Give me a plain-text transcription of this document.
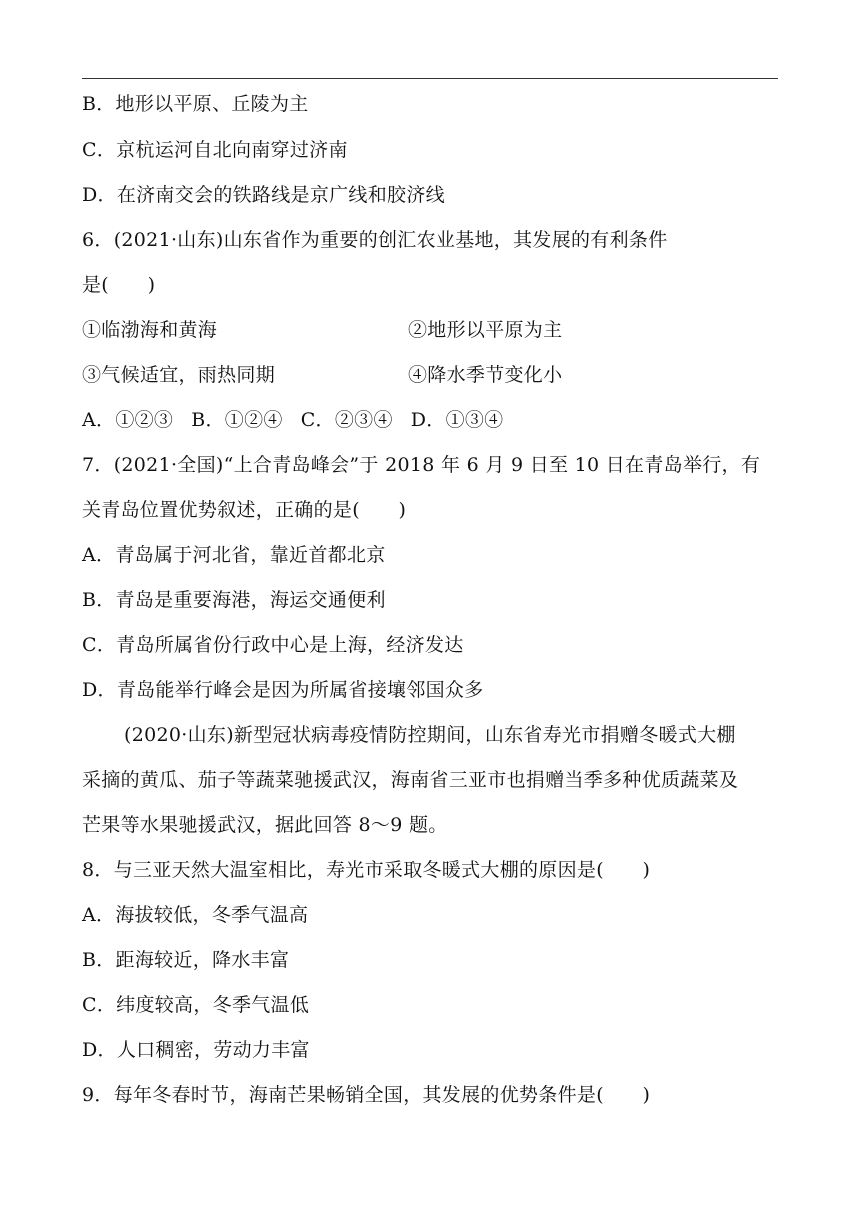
B．地形以平原、丘陵为主
C．京杭运河自北向南穿过济南
D．在济南交会的铁路线是京广线和胶济线
6．(2021·山东)山东省作为重要的创汇农业基地，其发展的有利条件
是(　　)
①临渤海和黄海	②地形以平原为主
③气候适宜，雨热同期	④降水季节变化小
A．①②③ B．①②④ C．②③④ D．①③④
7．(2021·全国)“上合青岛峰会”于 2018 年 6 月 9 日至 10 日在青岛举行，有
关青岛位置优势叙述，正确的是(　　)
A．青岛属于河北省，靠近首都北京
B．青岛是重要海港，海运交通便利
C．青岛所属省份行政中心是上海，经济发达
D．青岛能举行峰会是因为所属省接壤邻国众多
(2020·山东)新型冠状病毒疫情防控期间，山东省寿光市捐赠冬暖式大棚
采摘的黄瓜、茄子等蔬菜驰援武汉，海南省三亚市也捐赠当季多种优质蔬菜及
芒果等水果驰援武汉，据此回答 8～9 题。
8．与三亚天然大温室相比，寿光市采取冬暖式大棚的原因是(　　)
A．海拔较低，冬季气温高
B．距海较近，降水丰富
C．纬度较高，冬季气温低
D．人口稠密，劳动力丰富
9．每年冬春时节，海南芒果畅销全国，其发展的优势条件是(　　)
